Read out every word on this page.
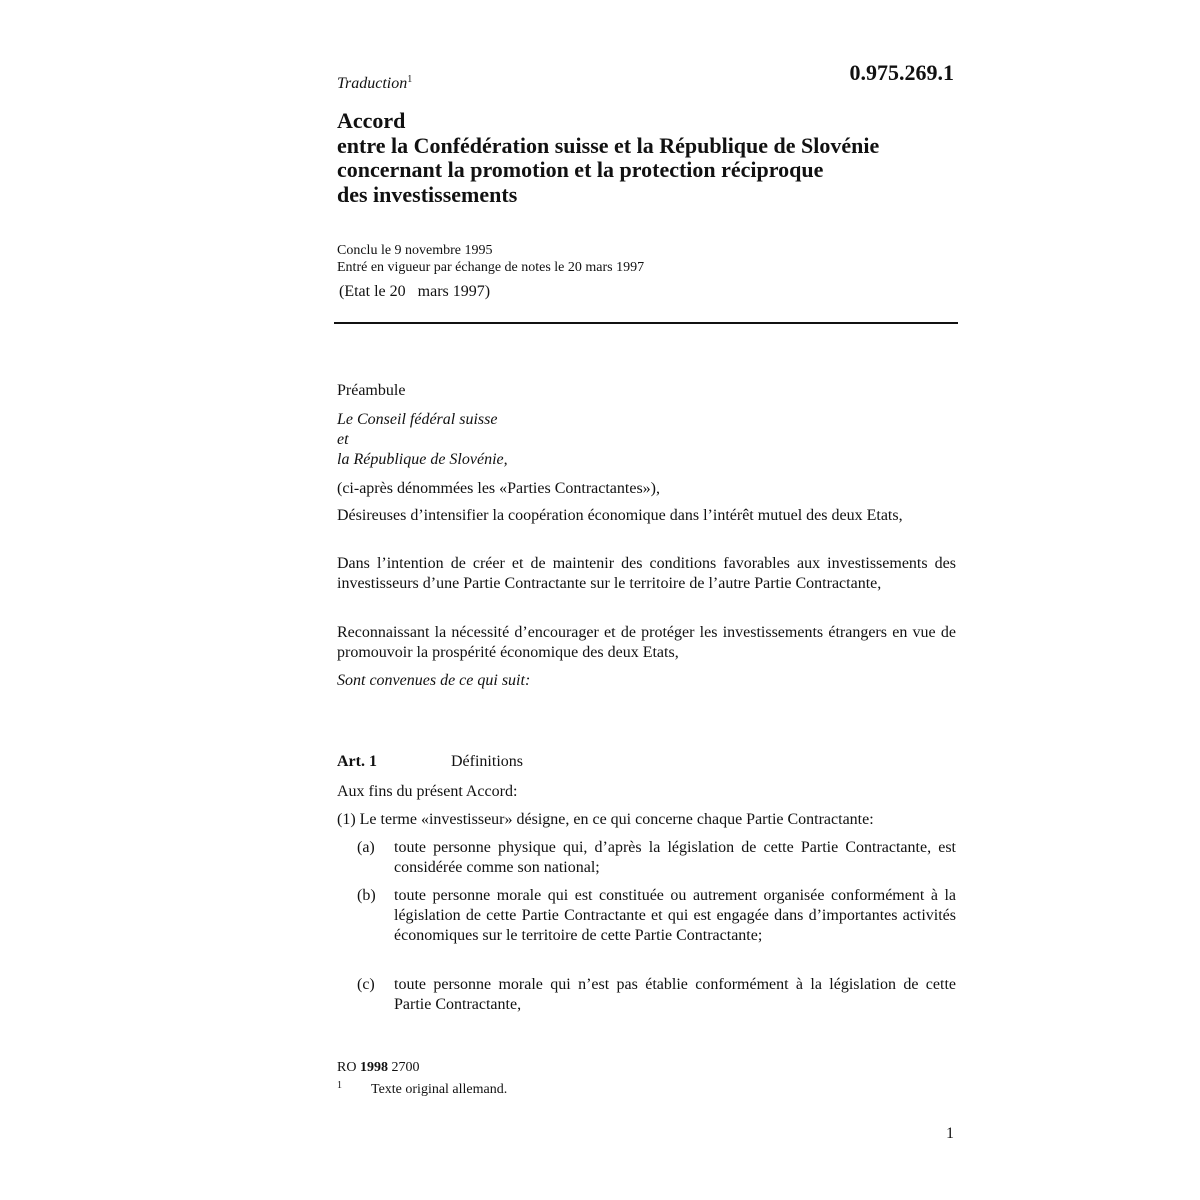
Traduction$^1$	0.975.269.1
Accord
entre la Confédération suisse et la République de Slovénie
concernant la promotion et la protection réciproque
des investissements
Conclu le 9 novembre 1995
Entré en vigueur par échange de notes le 20 mars 1997
(Etat le 20   mars 1997)
Préambule
Le Conseil fédéral suisse
et
la République de Slovénie,
(ci-après dénommées les «Parties Contractantes»),

Désireuses d’intensifier la coopération économique dans l’intérêt mutuel des deux Etats,

Dans l’intention de créer et de maintenir des conditions favorables aux investissements des investisseurs d’une Partie Contractante sur le territoire de l’autre Partie Contractante,

Reconnaissant la nécessité d’encourager et de protéger les investissements étrangers en vue de promouvoir la prospérité économique des deux Etats,

Sont convenues de ce qui suit:
Art. 1	Définitions
Aux fins du présent Accord:
(1) Le terme «investisseur» désigne, en ce qui concerne chaque Partie Contractante:
(a) toute personne physique qui, d’après la législation de cette Partie Contractante, est considérée comme son national;
(b) toute personne morale qui est constituée ou autrement organisée conformément à la législation de cette Partie Contractante et qui est engagée dans d’importantes activités économiques sur le territoire de cette Partie Contractante;
(c) toute personne morale qui n’est pas établie conformément à la législation de cette Partie Contractante,
RO 1998 2700
1 Texte original allemand.
1
